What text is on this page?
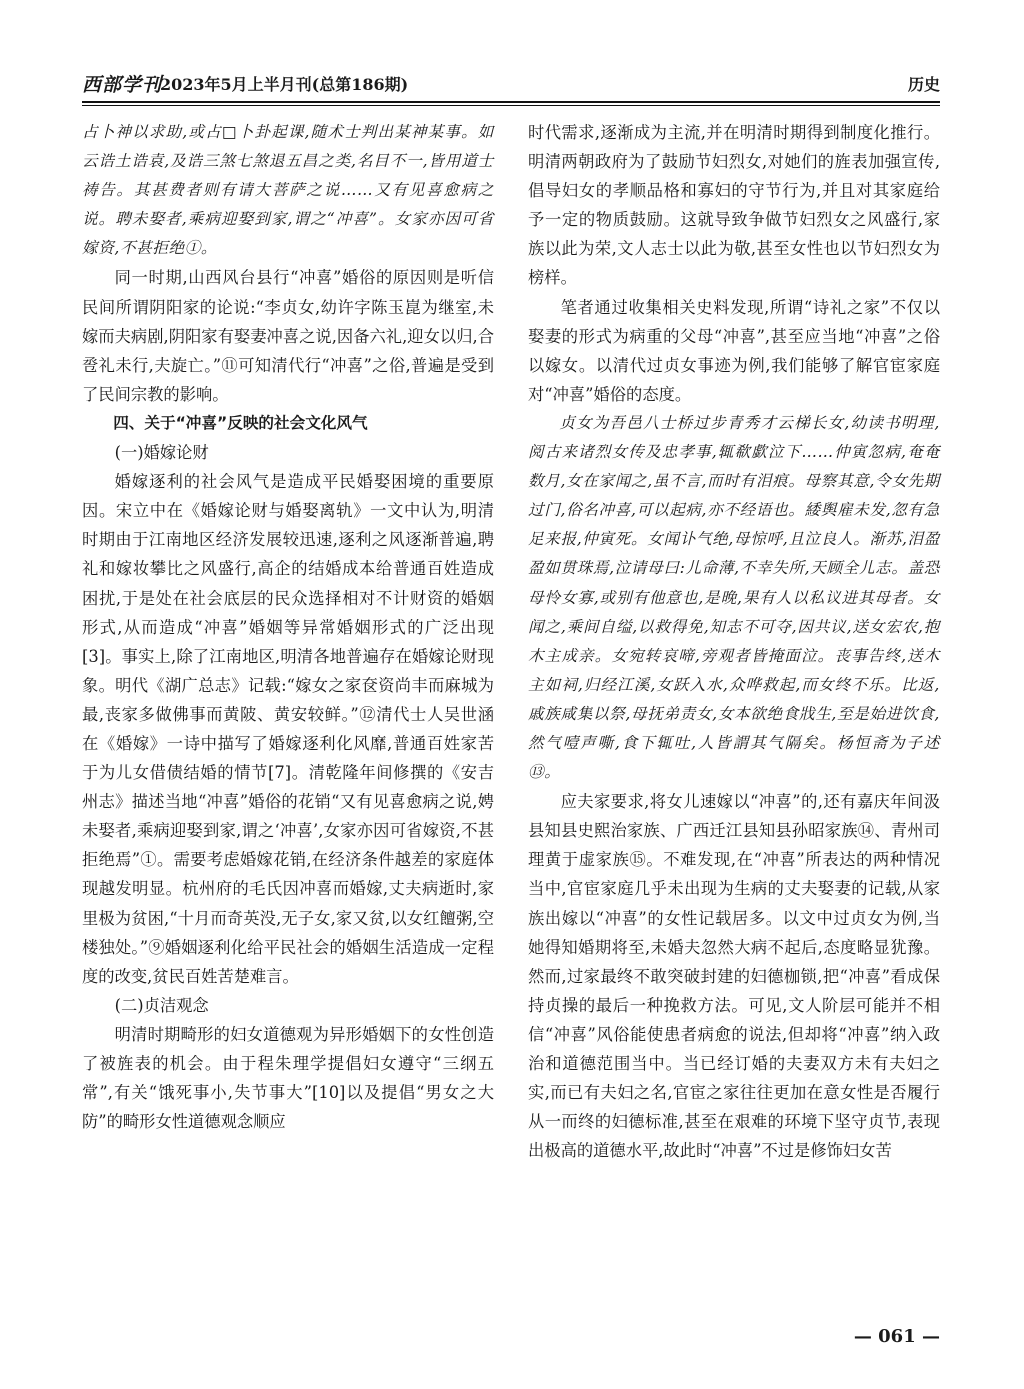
西部学刊
2023年5月上半月刊(总第186期)	历史

占卜神以求助,或占□卜卦起课,随术士判出某神某事。如云诰土诰袁,及诰三煞七煞退五昌之类,名目不一,皆用道士祷告。其甚费者则有请大菩萨之说……又有见喜愈病之说。聘未娶者,乘病迎娶到家,谓之“冲喜”。女家亦因可省嫁资,不甚拒绝①。

同一时期,山西风台县行“冲喜”婚俗的原因则是听信民间所谓阴阳家的论说:“李贞女,幼许字陈玉崑为继室,未嫁而夫病剧,阴阳家有娶妻冲喜之说,因备六礼,迎女以归,合卺礼未行,夫旋亡。”⑪可知清代行“冲喜”之俗,普遍是受到了民间宗教的影响。

四、关于“冲喜”反映的社会文化风气

(一)婚嫁论财

婚嫁逐利的社会风气是造成平民婚娶困境的重要原因。宋立中在《婚嫁论财与婚娶离轨》一文中认为,明清时期由于江南地区经济发展较迅速,逐利之风逐渐普遍,聘礼和嫁妆攀比之风盛行,高企的结婚成本给普通百姓造成困扰,于是处在社会底层的民众选择相对不计财资的婚姻形式,从而造成“冲喜”婚姻等异常婚姻形式的广泛出现[3]。事实上,除了江南地区,明清各地普遍存在婚嫁论财现象。明代《湖广总志》记载:“嫁女之家奁资尚丰而麻城为最,丧家多做佛事而黄陂、黄安较鲜。”⑫清代士人吴世涵在《婚嫁》一诗中描写了婚嫁逐利化风靡,普通百姓家苦于为儿女借债结婚的情节[7]。清乾隆年间修撰的《安吉州志》描述当地“冲喜”婚俗的花销“又有见喜愈病之说,娉未娶者,乘病迎娶到家,谓之‘冲喜’,女家亦因可省嫁资,不甚拒绝焉”①。需要考虑婚嫁花销,在经济条件越差的家庭体现越发明显。杭州府的毛氏因冲喜而婚嫁,丈夫病逝时,家里极为贫困,“十月而奇英没,无子女,家又贫,以女红饘粥,空楼独处。”⑨婚姻逐利化给平民社会的婚姻生活造成一定程度的改变,贫民百姓苦楚难言。

(二)贞洁观念

明清时期畸形的妇女道德观为异形婚姻下的女性创造了被旌表的机会。由于程朱理学提倡妇女遵守“三纲五常”,有关“饿死事小,失节事大”[10]以及提倡“男女之大防”的畸形女性道德观念顺应

时代需求,逐渐成为主流,并在明清时期得到制度化推行。明清两朝政府为了鼓励节妇烈女,对她们的旌表加强宣传,倡导妇女的孝顺品格和寡妇的守节行为,并且对其家庭给予一定的物质鼓励。这就导致争做节妇烈女之风盛行,家族以此为荣,文人志士以此为敬,甚至女性也以节妇烈女为榜样。

笔者通过收集相关史料发现,所谓“诗礼之家”不仅以娶妻的形式为病重的父母“冲喜”,甚至应当地“冲喜”之俗以嫁女。以清代过贞女事迹为例,我们能够了解官宦家庭对“冲喜”婚俗的态度。

贞女为吾邑八士桥过步青秀才云梯长女,幼读书明理,阅古来诸烈女传及忠孝事,辄欷歔泣下……仲寅忽病,奄奄数月,女在家闻之,虽不言,而时有泪痕。母察其意,令女先期过门,俗名冲喜,可以起病,亦不经语也。緌舆雇未发,忽有急足来报,仲寅死。女闻讣气绝,母惊呼,且泣良人。渐苏,泪盈盈如贯珠焉,泣请母曰:儿命薄,不幸失所,天顾全儿志。盖恐母怜女寡,或别有他意也,是晚,果有人以私议进其母者。女闻之,乘间自缢,以救得免,知志不可夺,因共议,送女宏农,抱木主成亲。女宛转哀啼,旁观者皆掩面泣。丧事告终,送木主如祠,归经江溪,女跃入水,众哗救起,而女终不乐。比返,戚族咸集以祭,母抚弟责女,女本欲绝食戕生,至是始进饮食,然气噎声嘶,食下辄吐,人皆謂其气隔矣。杨恒斋为子述⑬。

应夫家要求,将女儿速嫁以“冲喜”的,还有嘉庆年间汲县知县史熙治家族、广西迁江县知县孙昭家族⑭、青州司理黄于虚家族⑮。不难发现,在“冲喜”所表达的两种情况当中,官宦家庭几乎未出现为生病的丈夫娶妻的记载,从家族出嫁以“冲喜”的女性记载居多。以文中过贞女为例,当她得知婚期将至,未婚夫忽然大病不起后,态度略显犹豫。然而,过家最终不敢突破封建的妇德枷锁,把“冲喜”看成保持贞操的最后一种挽救方法。可见,文人阶层可能并不相信“冲喜”风俗能使患者病愈的说法,但却将“冲喜”纳入政治和道德范围当中。当已经订婚的夫妻双方未有夫妇之实,而已有夫妇之名,官宦之家往往更加在意女性是否履行从一而终的妇德标准,甚至在艰难的环境下坚守贞节,表现出极高的道德水平,故此时“冲喜”不过是修饰妇女苦

— 061 —
